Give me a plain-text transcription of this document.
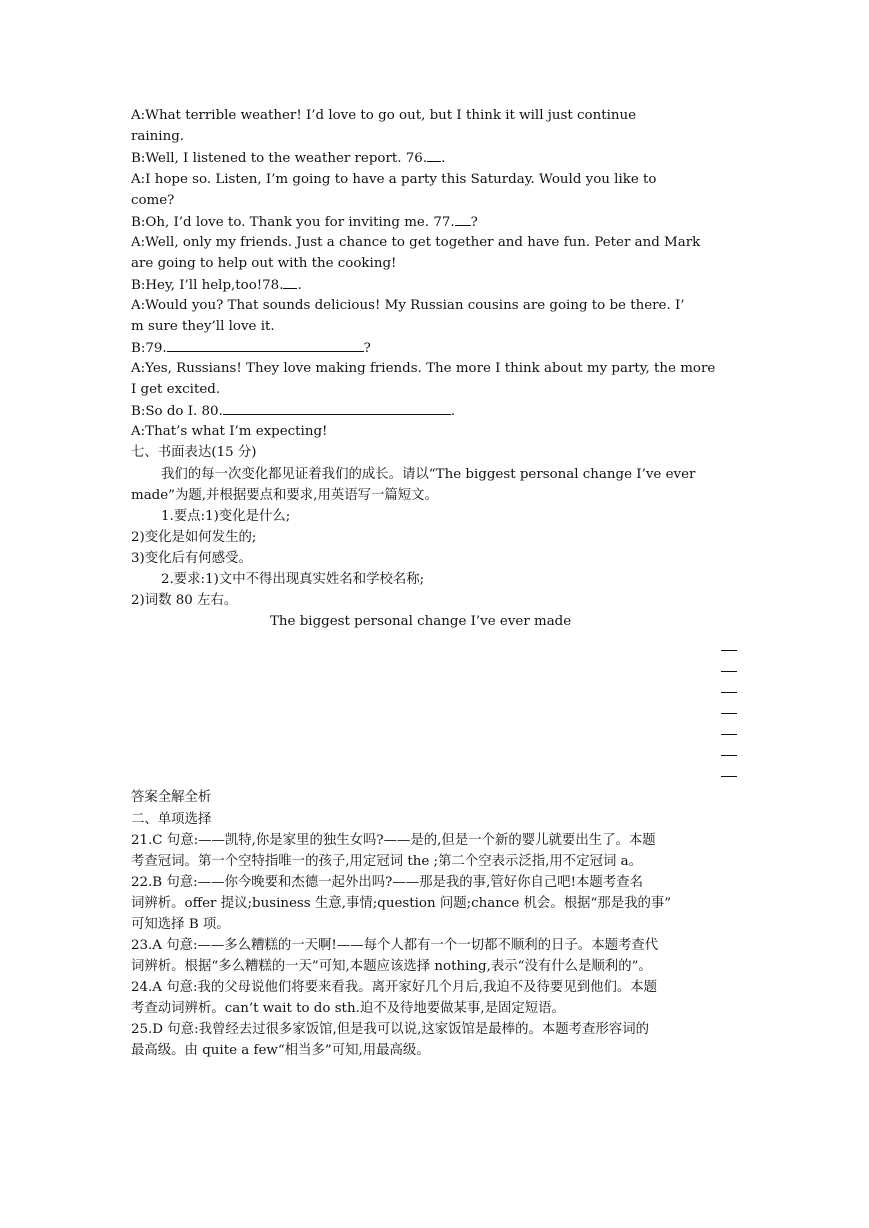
A:What terrible weather! I’d love to go out, but I think it will just continue
raining.
B:Well, I listened to the weather report. 76. .
A:I hope so. Listen, I’m going to have a party this Saturday. Would you like to
come?
B:Oh, I’d love to. Thank you for inviting me. 77. ?
A:Well, only my friends. Just a chance to get together and have fun. Peter and Mark
are going to help out with the cooking!
B:Hey, I’ll help,too!78. .
A:Would you? That sounds delicious! My Russian cousins are going to be there. I’
m sure they’ll love it.
B:79.	?
A:Yes, Russians! They love making friends. The more I think about my party, the more
I get excited.
B:So do I. 80.	.
A:That’s what I’m expecting!
七、书面表达(15 分)
我们的每一次变化都见证着我们的成长。请以“The biggest personal change I’ve ever
made”为题,并根据要点和要求,用英语写一篇短文。
1.要点:1)变化是什么;
2)变化是如何发生的;
3)变化后有何感受。
2.要求:1)文中不得出现真实姓名和学校名称;
2)词数 80 左右。
The biggest personal change I’ve ever made
答案全解全析
二、单项选择
21.C 句意:——凯特,你是家里的独生女吗?——是的,但是一个新的婴儿就要出生了。本题
考查冠词。第一个空特指唯一的孩子,用定冠词 the ;第二个空表示泛指,用不定冠词 a。
22.B 句意:——你今晚要和杰德一起外出吗?——那是我的事,管好你自己吧!本题考查名
词辨析。offer 提议;business 生意,事情;question 问题;chance 机会。根据“那是我的事”
可知选择 B 项。
23.A 句意:——多么糟糕的一天啊!——每个人都有一个一切都不顺利的日子。本题考查代
词辨析。根据“多么糟糕的一天”可知,本题应该选择 nothing,表示“没有什么是顺利的”。
24.A 句意:我的父母说他们将要来看我。离开家好几个月后,我迫不及待要见到他们。本题
考查动词辨析。can’t wait to do sth.迫不及待地要做某事,是固定短语。
25.D 句意:我曾经去过很多家饭馆,但是我可以说,这家饭馆是最棒的。本题考查形容词的
最高级。由 quite a few“相当多”可知,用最高级。
